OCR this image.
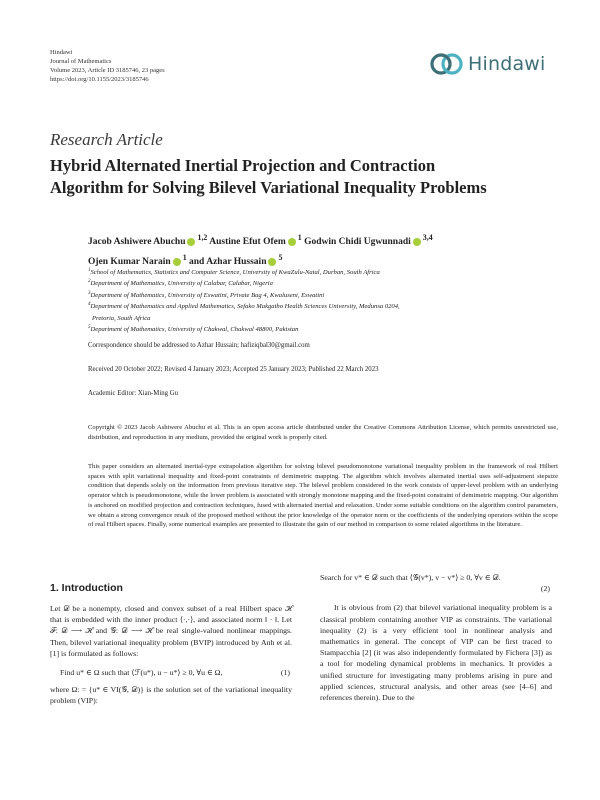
Hindawi
Journal of Mathematics
Volume 2023, Article ID 3185746, 23 pages
https://doi.org/10.1155/2023/3185746
Hindawi
Research Article
Hybrid Alternated Inertial Projection and Contraction
Algorithm for Solving Bilevel Variational Inequality Problems
Jacob Ashiwere Abuchu $^{1,2}$ Austine Efut Ofem $^1$ Godwin Chidi Ugwunnadi $^{3,4}$
Ojen Kumar Narain $^1$ and Azhar Hussain $^5$
$^1$School of Mathematics, Statistics and Computer Science, University of KwaZulu-Natal, Durban, South Africa
$^2$Department of Mathematics, University of Calabar, Calabar, Nigeria
$^3$Department of Mathematics, University of Eswatini, Private Bag 4, Kwaluseni, Eswatini
$^4$Department of Mathematics and Applied Mathematics, Sefako Makgatho Health Sciences University, Medunsa 0204,
Pretoria, South Africa
$^5$Department of Mathematics, University of Chakwal, Chakwal 48800, Pakistan
Correspondence should be addressed to Azhar Hussain; hafiziqbal30@gmail.com
Received 20 October 2022; Revised 4 January 2023; Accepted 25 January 2023; Published 22 March 2023
Academic Editor: Xian-Ming Gu
Copyright © 2023 Jacob Ashiwere Abuchu et al. This is an open access article distributed under the Creative Commons Attribution License, which permits unrestricted use, distribution, and reproduction in any medium, provided the original work is properly cited.
This paper considers an alternated inertial-type extrapolation algorithm for solving bilevel pseudomonotone variational inequality problem in the framework of real Hilbert spaces with split variational inequality and fixed-point constraints of demimetric mapping. The algorithm which involves alternated inertial uses self-adjustment stepsize condition that depends solely on the information from previous iterative step. The bilevel problem considered in the work consists of upper-level problem with an underlying operator which is pseudomonotone, while the lower problem is associated with strongly monotone mapping and the fixed-point constraint of demimetric mapping. Our algorithm is anchored on modified projection and contraction techniques, fused with alternated inertial and relaxation. Under some suitable conditions on the algorithm control parameters, we obtain a strong convergence result of the proposed method without the prior knowledge of the operator norm or the coefficients of the underlying operators within the scope of real Hilbert spaces. Finally, some numerical examples are presented to illustrate the gain of our method in comparison to some related algorithms in the literature.
1. Introduction

Let 𝒟 be a nonempty, closed and convex subset of a real Hilbert space ℋ that is embedded with the inner product ⟨·,·⟩, and associated norm ‖ · ‖. Let ℱ: 𝒟 ⟶ ℋ and 𝒢: 𝒟 ⟶ ℋ be real single-valued nonlinear mappings. Then, bilevel variational inequality problem (BVIP) introduced by Anh et al. [1] is formulated as follows:

Find u* ∈ Ω such that ⟨ℱ(u*), u − u*⟩ ≥ 0, ∀u ∈ Ω,	(1)

where Ω: = {u* ∈ VI(𝒢, 𝒟)} is the solution set of the variational inequality problem (VIP):

Search for v* ∈ 𝒟 such that ⟨𝒢(v*), v − v*⟩ ≥ 0, ∀v ∈ 𝒟.
(2)

It is obvious from (2) that bilevel variational inequality problem is a classical problem containing another VIP as constraints. The variational inequality (2) is a very efficient tool in nonlinear analysis and mathematics in general. The concept of VIP can be first traced to Stampacchia [2] (it was also independently formulated by Fichera [3]) as a tool for modeling dynamical problems in mechanics. It provides a unified structure for investigating many problems arising in pure and applied sciences, structural analysis, and other areas (see [4–6] and references therein). Due to the
